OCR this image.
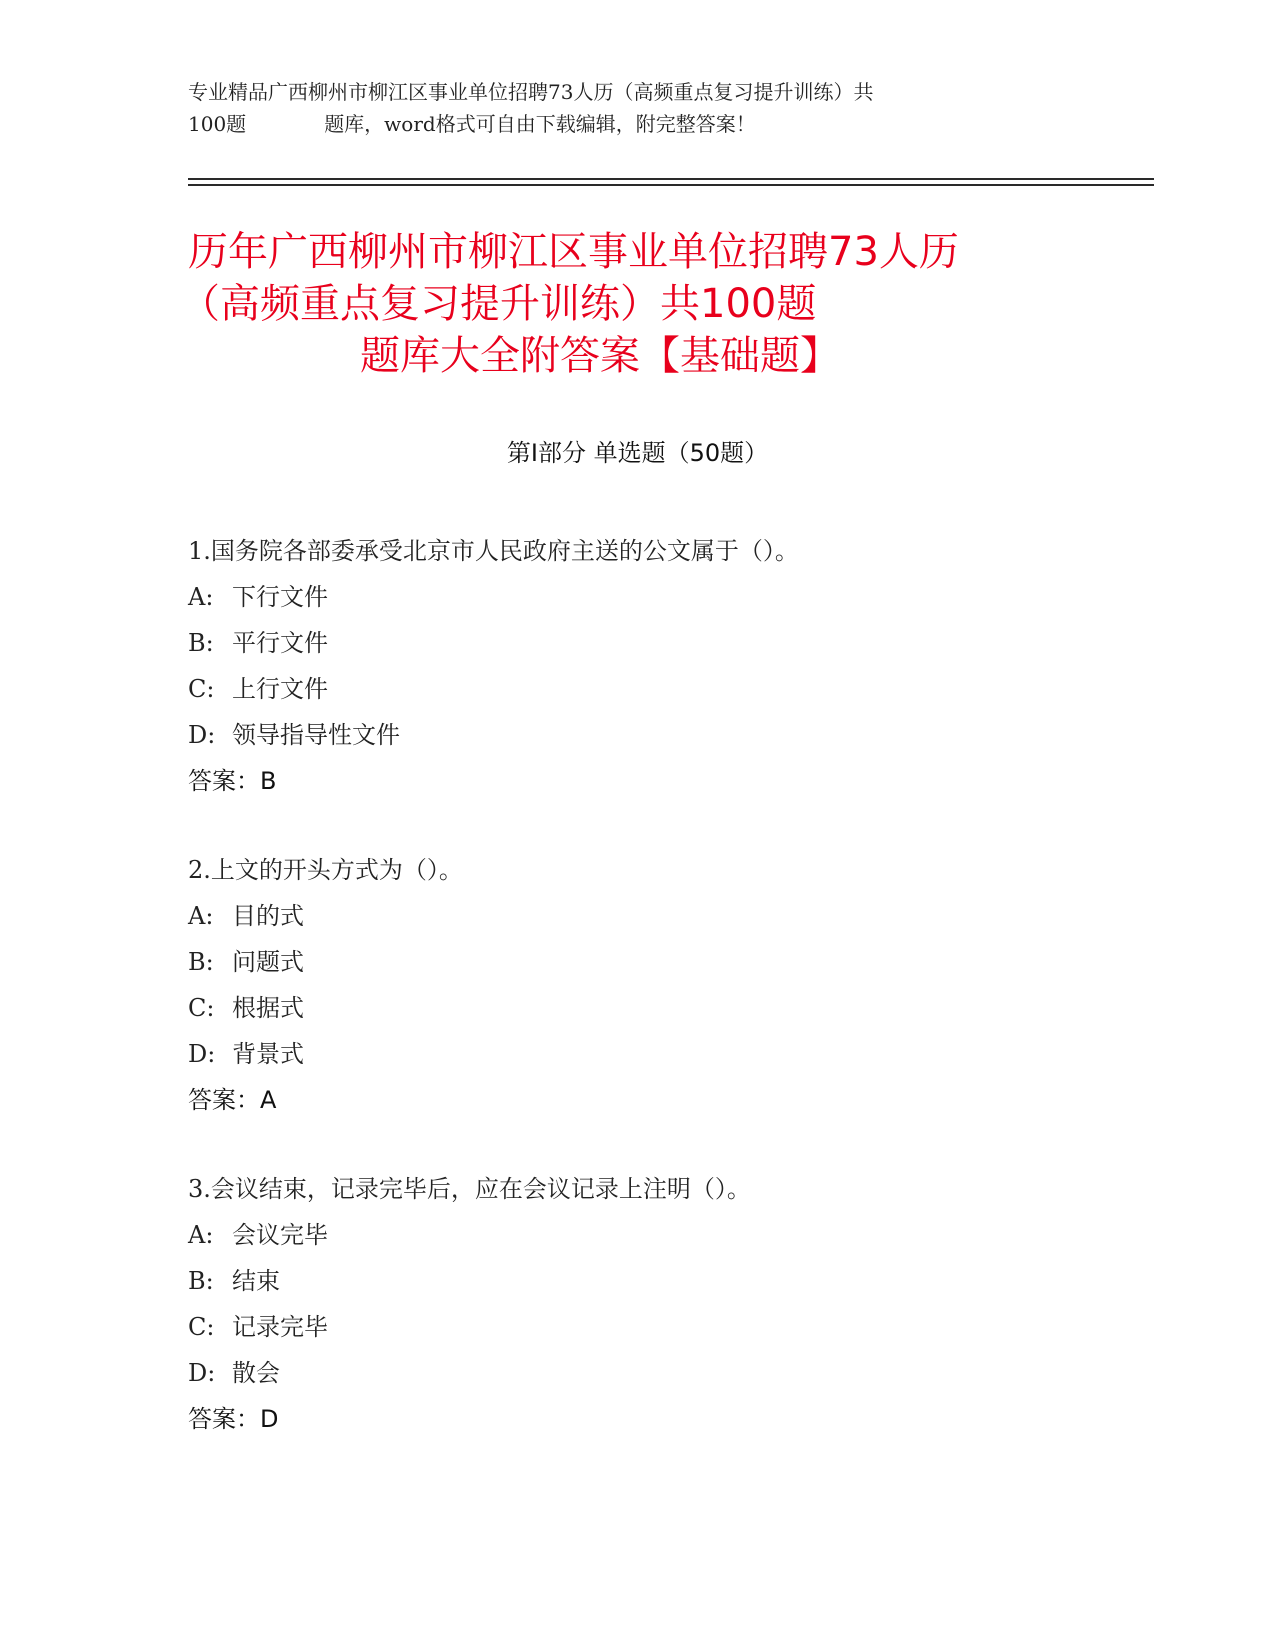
专业精品广西柳州市柳江区事业单位招聘73人历（高频重点复习提升训练）共
100题	题库，word格式可自由下载编辑，附完整答案！
历年广西柳州市柳江区事业单位招聘73人历
（高频重点复习提升训练）共100题
题库大全附答案【基础题】
第I部分 单选题（50题）
1.国务院各部委承受北京市人民政府主送的公文属于（）。
A: 下行文件
B: 平行文件
C: 上行文件
D: 领导指导性文件
答案：B
2.上文的开头方式为（）。
A: 目的式
B: 问题式
C: 根据式
D: 背景式
答案：A
3.会议结束，记录完毕后，应在会议记录上注明（）。
A: 会议完毕
B: 结束
C: 记录完毕
D: 散会
答案：D
